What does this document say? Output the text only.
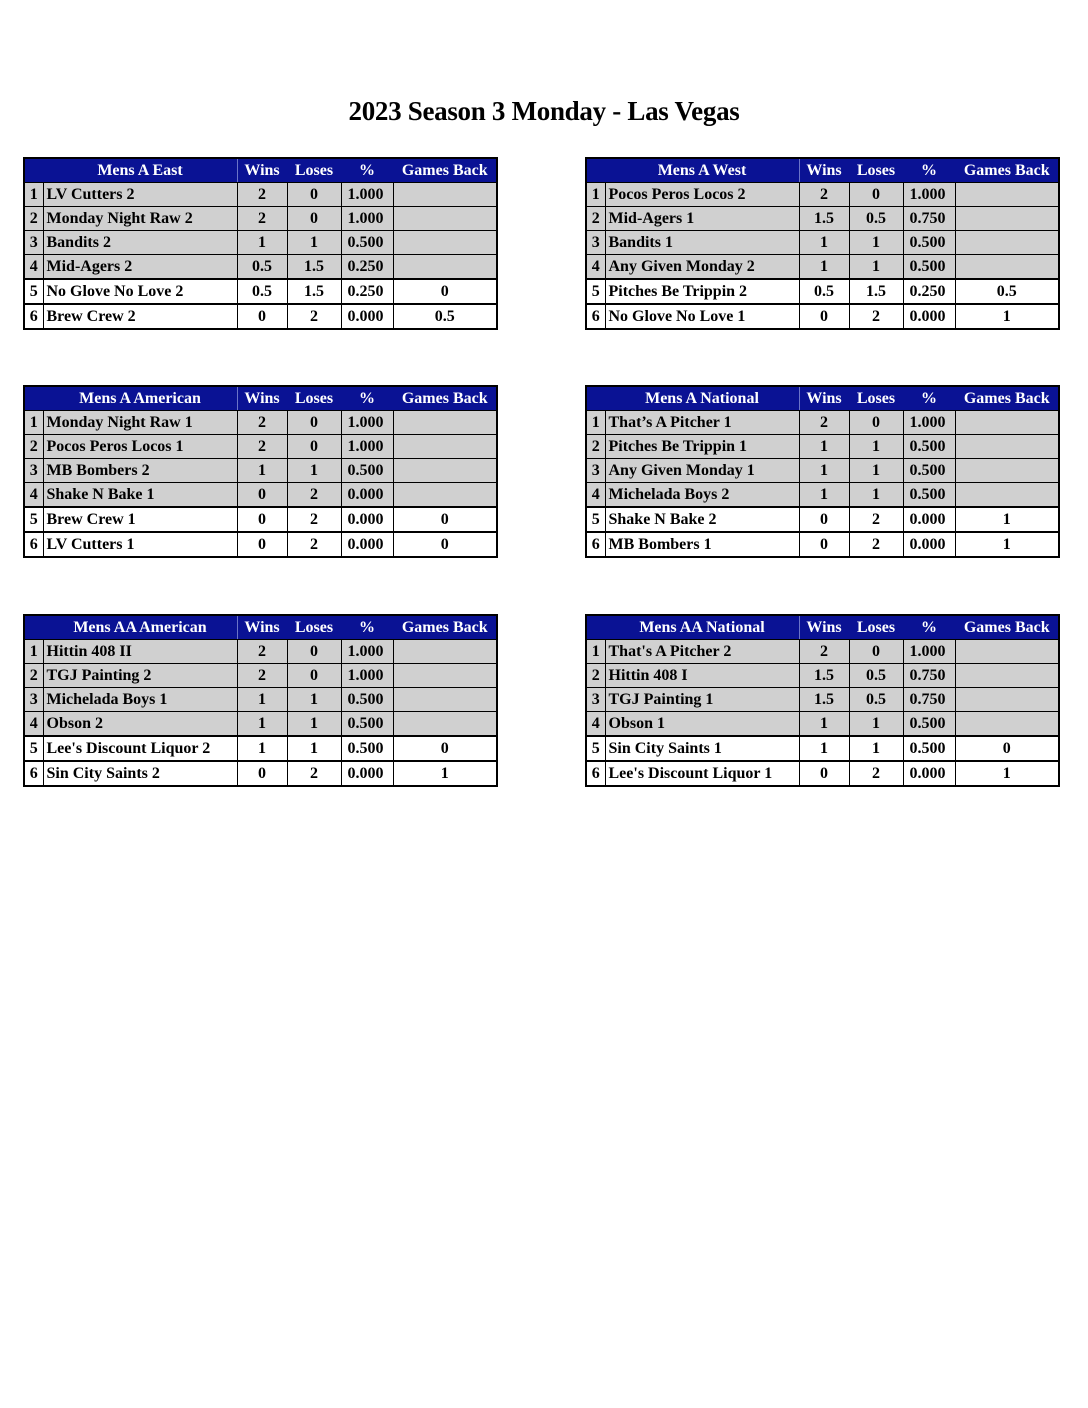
2023 Season 3 Monday - Las Vegas
	Mens A East	Wins	Loses	%	Games Back
1	LV Cutters 2	2	0	1.000	
2	Monday Night Raw 2	2	0	1.000	
3	Bandits 2	1	1	0.500	
4	Mid-Agers 2	0.5	1.5	0.250	
5	No Glove No Love 2	0.5	1.5	0.250	0
6	Brew Crew 2	0	2	0.000	0.5
	Mens A West	Wins	Loses	%	Games Back
1	Pocos Peros Locos 2	2	0	1.000	
2	Mid-Agers 1	1.5	0.5	0.750	
3	Bandits 1	1	1	0.500	
4	Any Given Monday 2	1	1	0.500	
5	Pitches Be Trippin 2	0.5	1.5	0.250	0.5
6	No Glove No Love 1	0	2	0.000	1
	Mens A American	Wins	Loses	%	Games Back
1	Monday Night Raw 1	2	0	1.000	
2	Pocos Peros Locos 1	2	0	1.000	
3	MB Bombers 2	1	1	0.500	
4	Shake N Bake 1	0	2	0.000	
5	Brew Crew 1	0	2	0.000	0
6	LV Cutters 1	0	2	0.000	0
	Mens A National	Wins	Loses	%	Games Back
1	That’s A Pitcher 1	2	0	1.000	
2	Pitches Be Trippin 1	1	1	0.500	
3	Any Given Monday 1	1	1	0.500	
4	Michelada Boys 2	1	1	0.500	
5	Shake N Bake 2	0	2	0.000	1
6	MB Bombers 1	0	2	0.000	1
	Mens AA American	Wins	Loses	%	Games Back
1	Hittin 408 II	2	0	1.000	
2	TGJ Painting 2	2	0	1.000	
3	Michelada Boys 1	1	1	0.500	
4	Obson 2	1	1	0.500	
5	Lee's Discount Liquor 2	1	1	0.500	0
6	Sin City Saints 2	0	2	0.000	1
	Mens AA National	Wins	Loses	%	Games Back
1	That's A Pitcher 2	2	0	1.000	
2	Hittin 408 I	1.5	0.5	0.750	
3	TGJ Painting 1	1.5	0.5	0.750	
4	Obson 1	1	1	0.500	
5	Sin City Saints 1	1	1	0.500	0
6	Lee's Discount Liquor 1	0	2	0.000	1
